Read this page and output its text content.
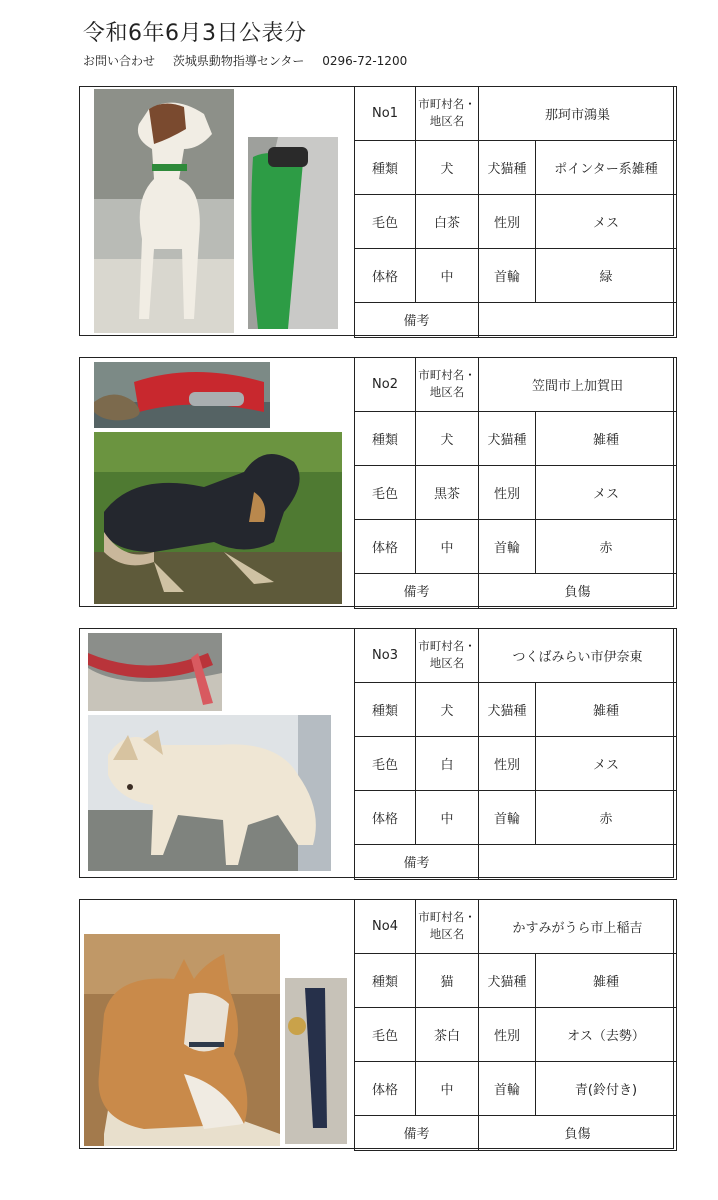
令和6年6月3日公表分
お問い合わせ 茨城県動物指導センター 0296-72-1200
No1	市町村名・地区名	那珂市鴻巣	
種類	犬	犬猫種	ポインター系雑種
毛色	白茶	性別	メス
体格	中	首輪	緑
備考			
No2	市町村名・地区名	笠間市上加賀田	
種類	犬	犬猫種	雑種
毛色	黒茶	性別	メス
体格	中	首輪	赤
備考		負傷	
No3	市町村名・地区名	つくばみらい市伊奈東	
種類	犬	犬猫種	雑種
毛色	白	性別	メス
体格	中	首輪	赤
備考			
No4	市町村名・地区名	かすみがうら市上稲吉	
種類	猫	犬猫種	雑種
毛色	茶白	性別	オス（去勢）
体格	中	首輪	青(鈴付き)
備考		負傷	
